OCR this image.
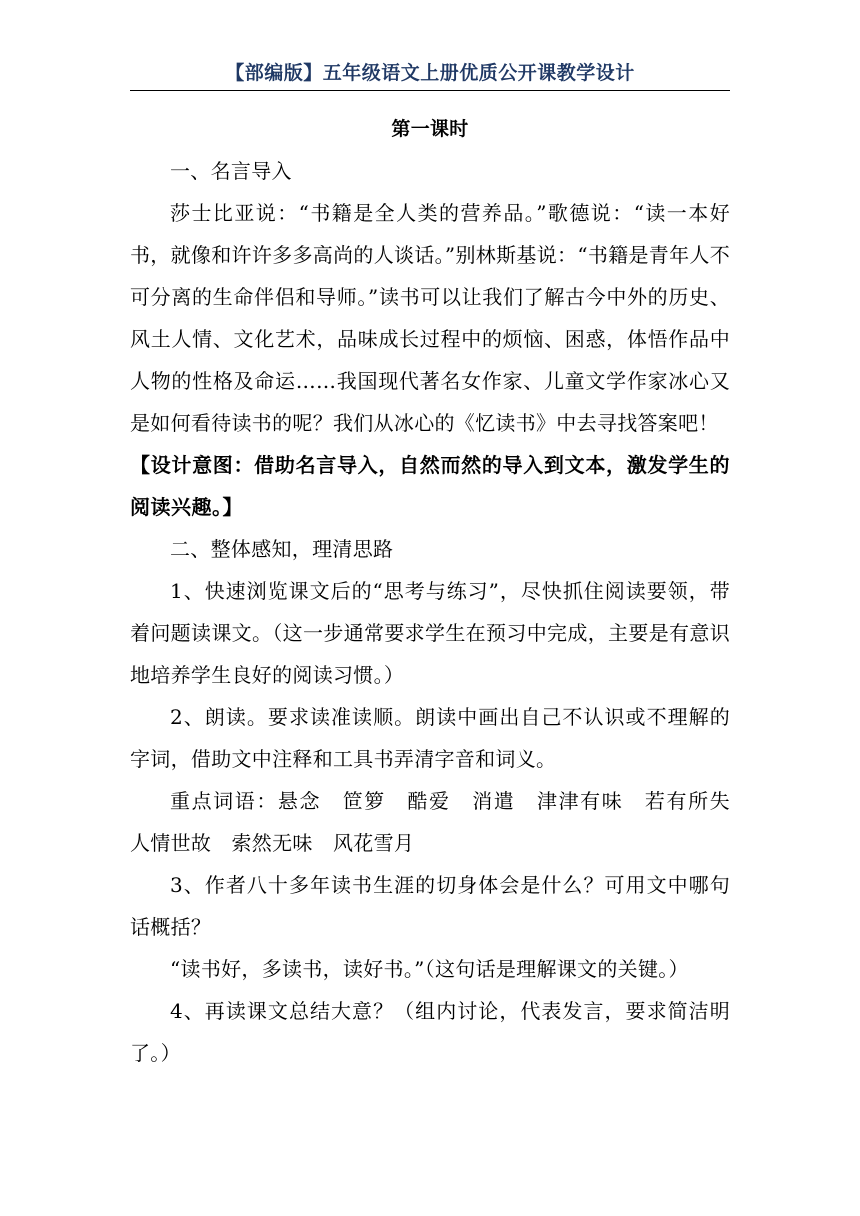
【部编版】五年级语文上册优质公开课教学设计

第一课时

一、名言导入

莎士比亚说：“书籍是全人类的营养品。”歌德说：“读一本好书，就像和许许多多高尚的人谈话。”别林斯基说：“书籍是青年人不可分离的生命伴侣和导师。”读书可以让我们了解古今中外的历史、风土人情、文化艺术，品味成长过程中的烦恼、困惑，体悟作品中人物的性格及命运……我国现代著名女作家、儿童文学作家冰心又是如何看待读书的呢？我们从冰心的《忆读书》中去寻找答案吧！

【设计意图：借助名言导入，自然而然的导入到文本，激发学生的阅读兴趣。】

二、整体感知，理清思路

1、快速浏览课文后的“思考与练习”，尽快抓住阅读要领，带着问题读课文。（这一步通常要求学生在预习中完成，主要是有意识地培养学生良好的阅读习惯。）

2、朗读。要求读准读顺。朗读中画出自己不认识或不理解的字词，借助文中注释和工具书弄清字音和词义。

重点词语：悬念　笸箩　酷爱　消遣　津津有味　若有所失　人情世故　索然无味　风花雪月

3、作者八十多年读书生涯的切身体会是什么？可用文中哪句话概括？

“读书好，多读书，读好书。”（这句话是理解课文的关键。）

4、再读课文总结大意？（组内讨论，代表发言，要求简洁明了。）
